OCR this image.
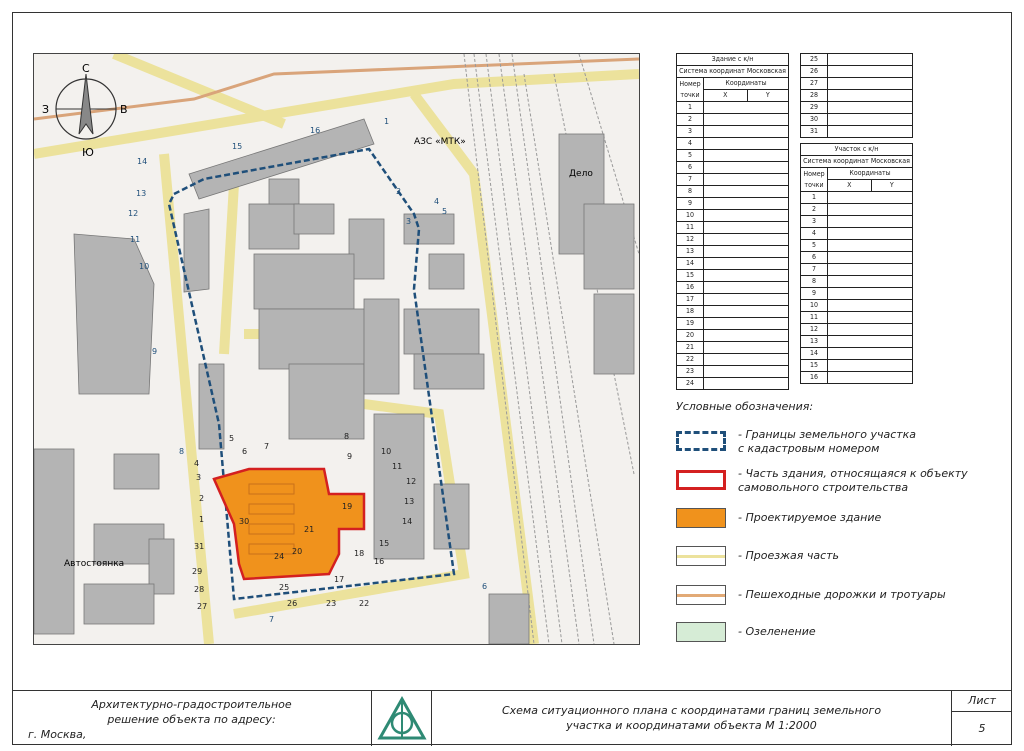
С
Ю
З	В
АЗС «МТК»
Дело
Автостоянка
1
2
3
4
5
6
7
8
9
10
11
12
13
14
15
16
1
2
3
4
5
6
7
8
9
10
11
12
13
14
15
16
17
18
19
20
21
22
23
24
25
26
27
28
29
30
31
Здание с к/н		
Система координат Московская		
Номер точки	Координаты	
	X	Y
1		
2		
3		
4		
5		
6		
7		
8		
9		
10		
11		
12		
13		
14		
15		
16		
17		
18		
19		
20		
21		
22		
23		
24		
25	
26	
27	
28	
29	
30	
31	
Участок с к/н		
Система координат Московская		
Номер точки	Координаты	
	X	Y
1		
2		
3		
4		
5		
6		
7		
8		
9		
10		
11		
12		
13		
14		
15		
16		
Условные обозначения:
- Границы земельного участка
с кадастровым номером
- Часть здания, относящаяся к объекту
самовольного строительства
- Проектируемое здание
- Проезжая часть
- Пешеходные дорожки и тротуары
- Озеленение
Архитектурно-градостроительное
решение объекта по адресу:
г. Москва,
Схема ситуационного плана с координатами границ земельного
участка и координатами объекта М 1:2000
Лист
5
